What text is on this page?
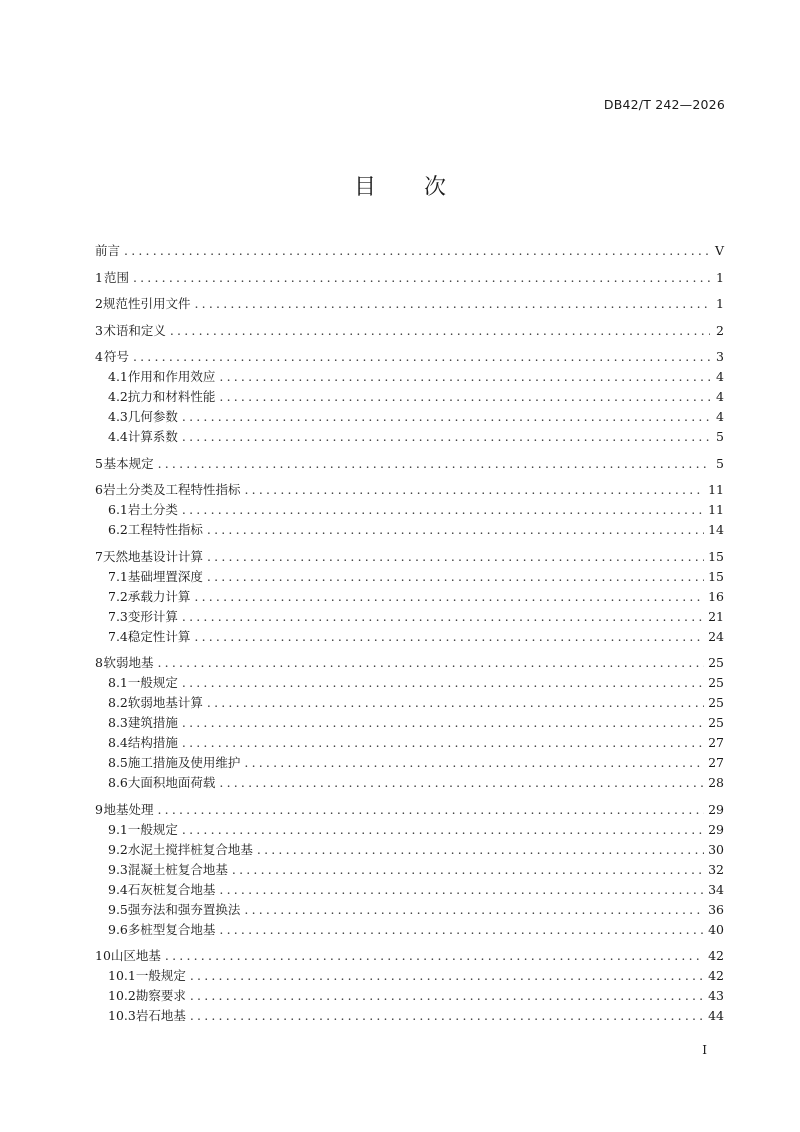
DB42/T 242—2026
目 次
前言 .....	V
1 范围 .....	1
2 规范性引用文件 .....	1
3 术语和定义 .....	2
4 符号 .....	3
4.1 作用和作用效应 .....	4
4.2 抗力和材料性能 .....	4
4.3 几何参数 .....	4
4.4 计算系数 .....	5
5 基本规定 .....	5
6 岩土分类及工程特性指标 .....	11
6.1 岩土分类 .....	11
6.2 工程特性指标 .....	14
7 天然地基设计计算 .....	15
7.1 基础埋置深度 .....	15
7.2 承载力计算 .....	16
7.3 变形计算 .....	21
7.4 稳定性计算 .....	24
8 软弱地基 .....	25
8.1 一般规定 .....	25
8.2 软弱地基计算 .....	25
8.3 建筑措施 .....	25
8.4 结构措施 .....	27
8.5 施工措施及使用维护 .....	27
8.6 大面积地面荷载 .....	28
9 地基处理 .....	29
9.1 一般规定 .....	29
9.2 水泥土搅拌桩复合地基 .....	30
9.3 混凝土桩复合地基 .....	32
9.4 石灰桩复合地基 .....	34
9.5 强夯法和强夯置换法 .....	36
9.6 多桩型复合地基 .....	40
10 山区地基 .....	42
10.1 一般规定 .....	42
10.2 勘察要求 .....	43
10.3 岩石地基 .....	44
I
